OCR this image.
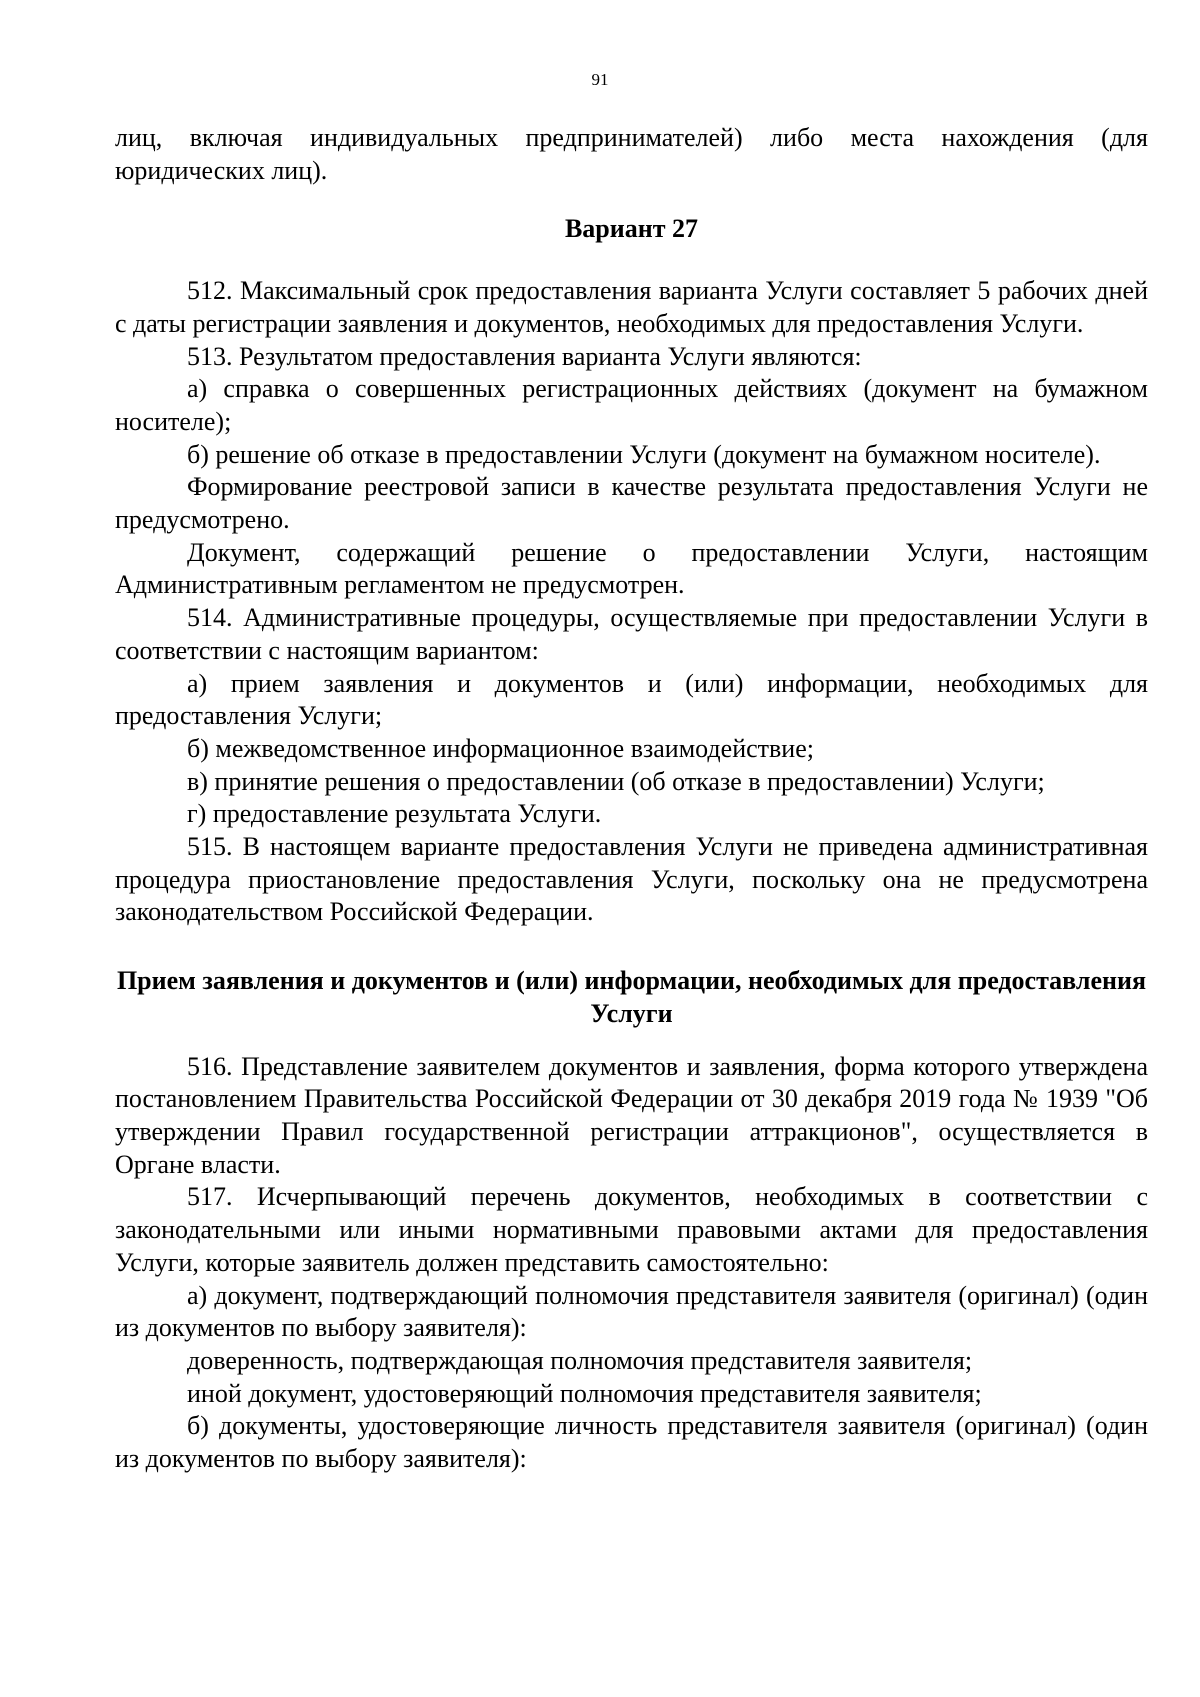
91

лиц, включая индивидуальных предпринимателей) либо места нахождения (для юридических лиц).

Вариант 27

512. Максимальный срок предоставления варианта Услуги составляет 5 рабочих дней с даты регистрации заявления и документов, необходимых для предоставления Услуги.

513. Результатом предоставления варианта Услуги являются:

а) справка о совершенных регистрационных действиях (документ на бумажном носителе);

б) решение об отказе в предоставлении Услуги (документ на бумажном носителе).

Формирование реестровой записи в качестве результата предоставления Услуги не предусмотрено.

Документ, содержащий решение о предоставлении Услуги, настоящим Административным регламентом не предусмотрен.

514. Административные процедуры, осуществляемые при предоставлении Услуги в соответствии с настоящим вариантом:

а) прием заявления и документов и (или) информации, необходимых для предоставления Услуги;

б) межведомственное информационное взаимодействие;

в) принятие решения о предоставлении (об отказе в предоставлении) Услуги;

г) предоставление результата Услуги.

515. В настоящем варианте предоставления Услуги не приведена административная процедура приостановление предоставления Услуги, поскольку она не предусмотрена законодательством Российской Федерации.

Прием заявления и документов и (или) информации, необходимых для предоставления Услуги

516. Представление заявителем документов и заявления, форма которого утверждена постановлением Правительства Российской Федерации от 30 декабря 2019 года № 1939 "Об утверждении Правил государственной регистрации аттракционов", осуществляется в Органе власти.

517. Исчерпывающий перечень документов, необходимых в соответствии с законодательными или иными нормативными правовыми актами для предоставления Услуги, которые заявитель должен представить самостоятельно:

а) документ, подтверждающий полномочия представителя заявителя (оригинал) (один из документов по выбору заявителя):

доверенность, подтверждающая полномочия представителя заявителя;

иной документ, удостоверяющий полномочия представителя заявителя;

б) документы, удостоверяющие личность представителя заявителя (оригинал) (один из документов по выбору заявителя):
